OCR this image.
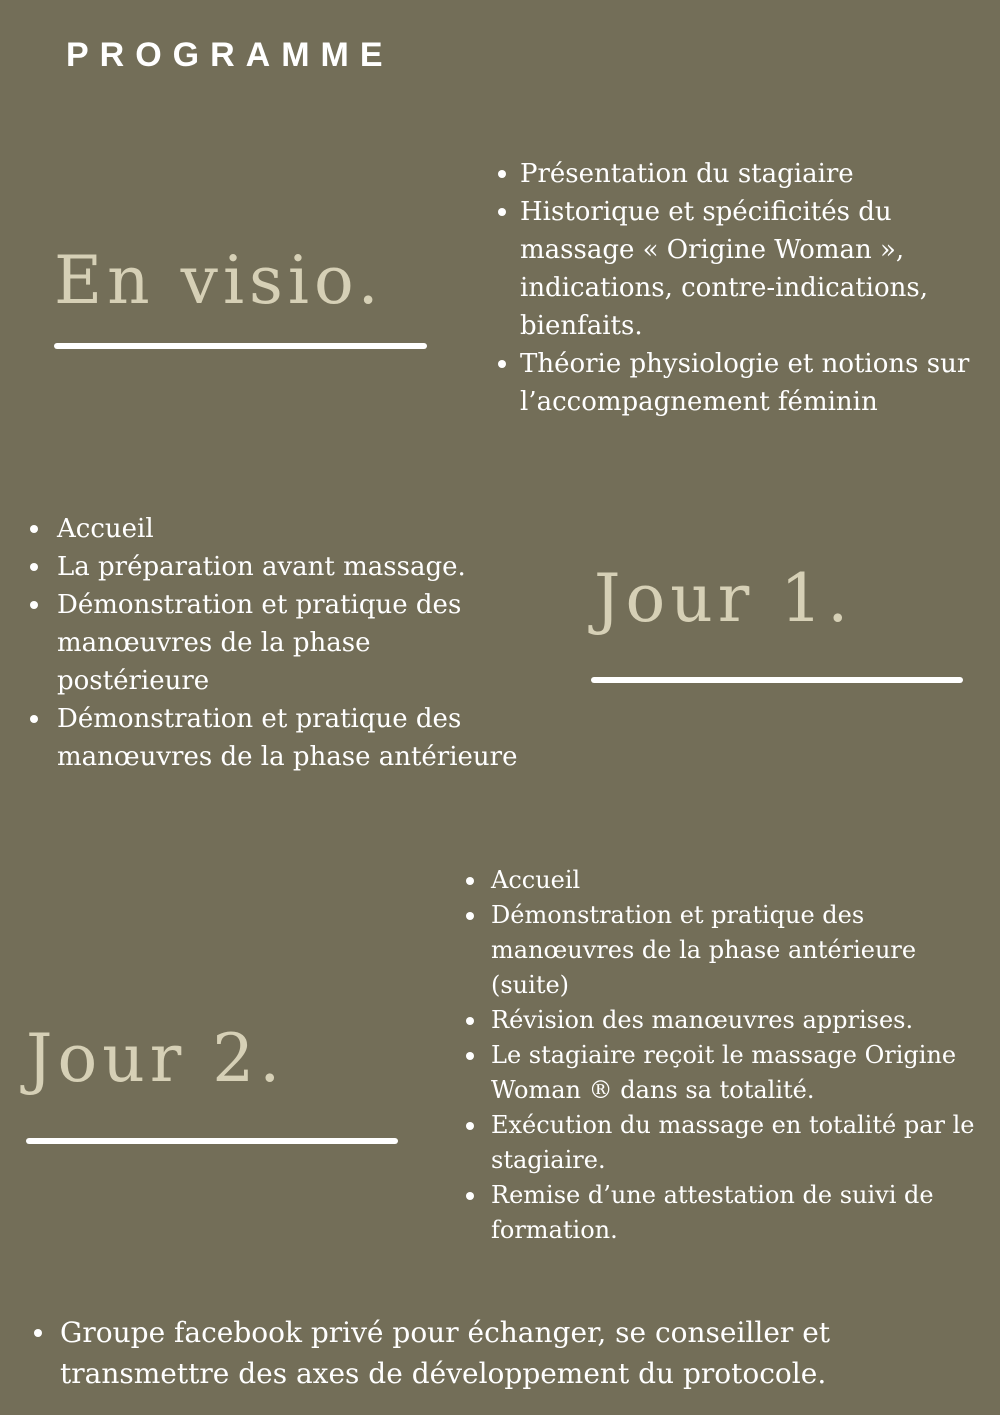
PROGRAMME
En visio.
Présentation du stagiaire
Historique et spécificités du massage « Origine Woman », indications, contre-indications, bienfaits.
Théorie physiologie et notions sur l’accompagnement féminin
Accueil
La préparation avant massage.
Démonstration et pratique des manœuvres de la phase postérieure
Démonstration et pratique des manœuvres de la phase antérieure
Jour 1.
Jour 2.
Accueil
Démonstration et pratique des manœuvres de la phase antérieure (suite)
Révision des manœuvres apprises.
Le stagiaire reçoit le massage Origine Woman ® dans sa totalité.
Exécution du massage en totalité par le stagiaire.
Remise d’une attestation de suivi de formation.
Groupe facebook privé pour échanger, se conseiller et transmettre des axes de développement du protocole.
